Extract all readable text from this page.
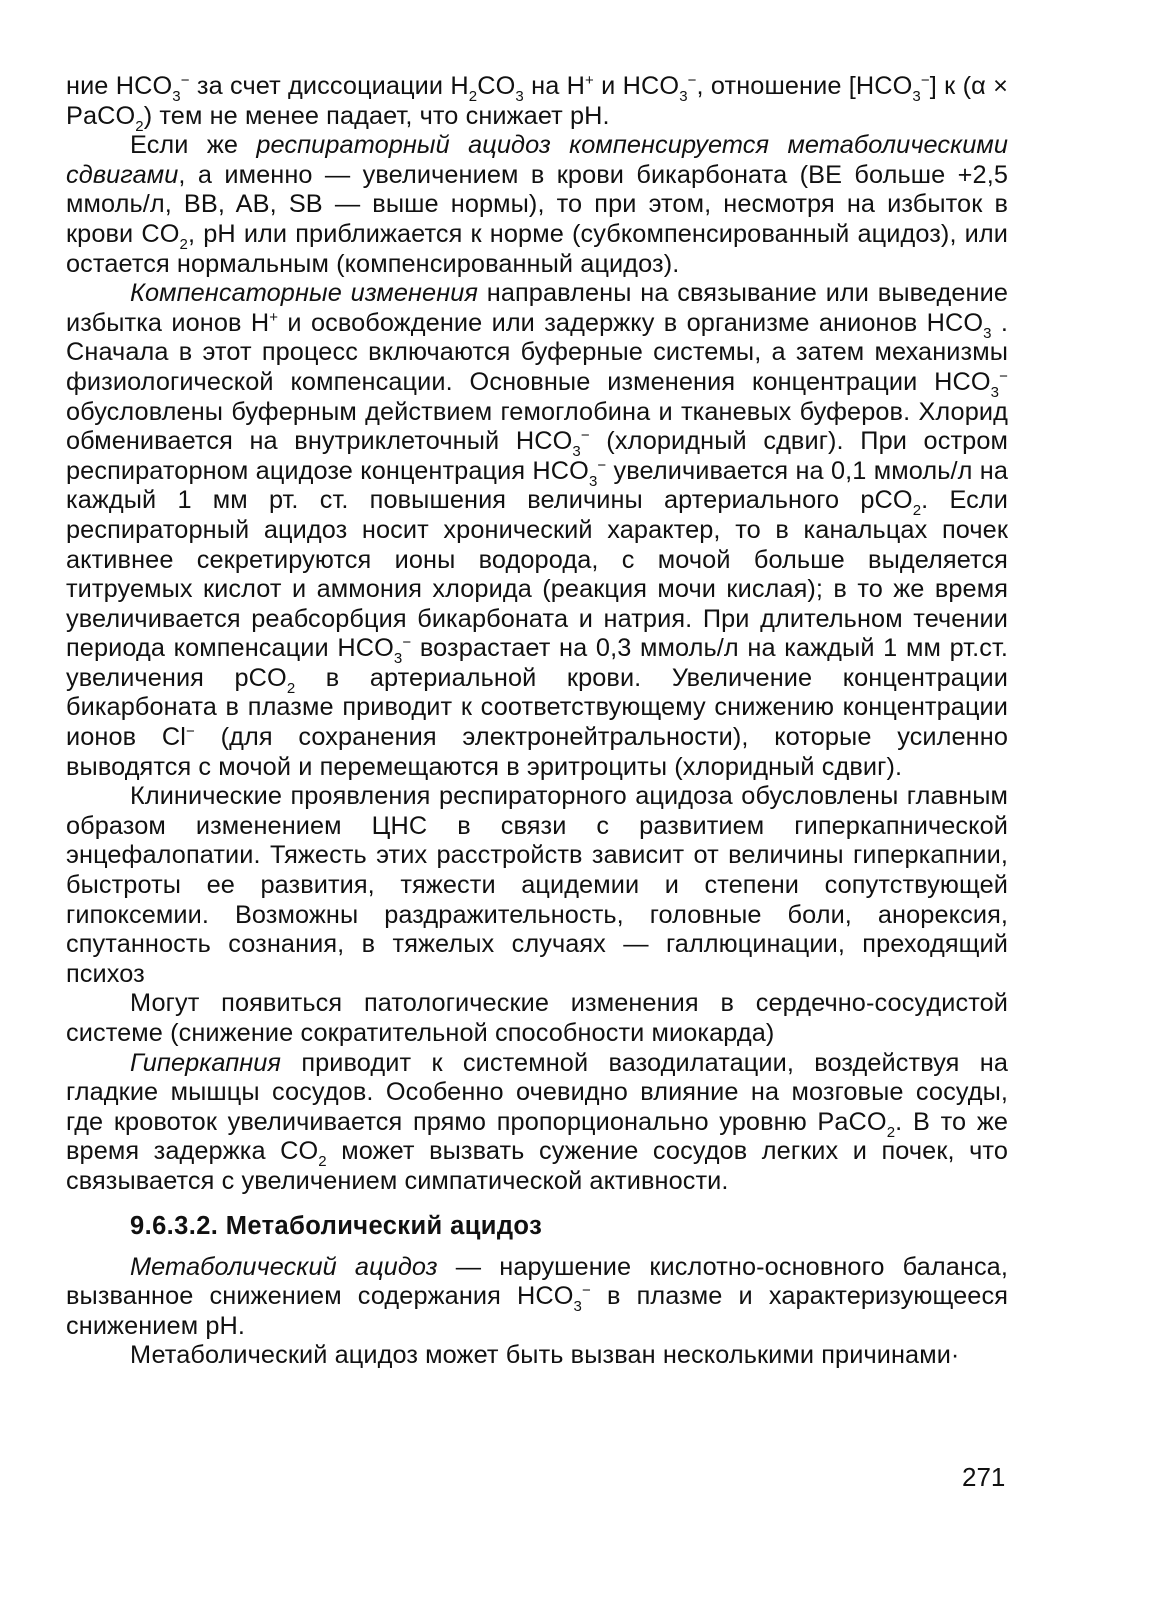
ние $HCO_3^-$ за счет диссоциации $H_2CO_3$ на H+ и $HCO_3^-$, отношение $[HCO_3^-]$ к (α × PaCO$_2$) тем не менее падает, что снижает pH.

Если же респираторный ацидоз компенсируется метаболическими сдвигами, а именно — увеличением в крови бикарбоната (BE больше +2,5 ммоль/л, BB, AB, SB — выше нормы), то при этом, несмотря на избыток в крови $CO_2$, pH или приближается к норме (субкомпенсированный ацидоз), или остается нормальным (компенсированный ацидоз).

Компенсаторные изменения направлены на связывание или выведение избытка ионов H+ и освобождение или задержку в организме анионов $HCO_3$ . Сначала в этот процесс включаются буферные системы, а затем механизмы физиологической компенсации. Основные изменения концентрации $HCO_3^-$ обусловлены буферным действием гемоглобина и тканевых буферов. Хлорид обменивается на внутриклеточный $HCO_3^-$ (хлоридный сдвиг). При остром респираторном ацидозе концентрация $HCO_3^-$ увеличивается на 0,1 ммоль/л на каждый 1 мм рт. ст. повышения величины артериального pCO$_2$. Если респираторный ацидоз носит хронический характер, то в канальцах почек активнее секретируются ионы водорода, с мочой больше выделяется титруемых кислот и аммония хлорида (реакция мочи кислая); в то же время увеличивается реабсорбция бикарбоната и натрия. При длительном течении периода компенсации $HCO_3^-$ возрастает на 0,3 ммоль/л на каждый 1 мм рт.ст. увеличения pCO$_2$ в артериальной крови. Увеличение концентрации бикарбоната в плазме приводит к соответствующему снижению концентрации ионов Cl− (для сохранения электронейтральности), которые усиленно выводятся с мочой и перемещаются в эритроциты (хлоридный сдвиг).

Клинические проявления респираторного ацидоза обусловлены главным образом изменением ЦНС в связи с развитием гиперкапнической энцефалопатии. Тяжесть этих расстройств зависит от величины гиперкапнии, быстроты ее развития, тяжести ацидемии и степени сопутствующей гипоксемии. Возможны раздражительность, головные боли, анорексия, спутанность сознания, в тяжелых случаях — галлюцинации, преходящий психоз

Могут появиться патологические изменения в сердечно-сосудистой системе (снижение сократительной способности миокарда)

Гиперкапния приводит к системной вазодилатации, воздействуя на гладкие мышцы сосудов. Особенно очевидно влияние на мозговые сосуды, где кровоток увеличивается прямо пропорционально уровню PaCO$_2$. В то же время задержка $CO_2$ может вызвать сужение сосудов легких и почек, что связывается с увеличением симпатической активности.

9.6.3.2. Метаболический ацидоз

Метаболический ацидоз — нарушение кислотно-основного баланса, вызванное снижением содержания $HCO_3^-$ в плазме и характеризующееся снижением pH.

Метаболический ацидоз может быть вызван несколькими причинами·

271
